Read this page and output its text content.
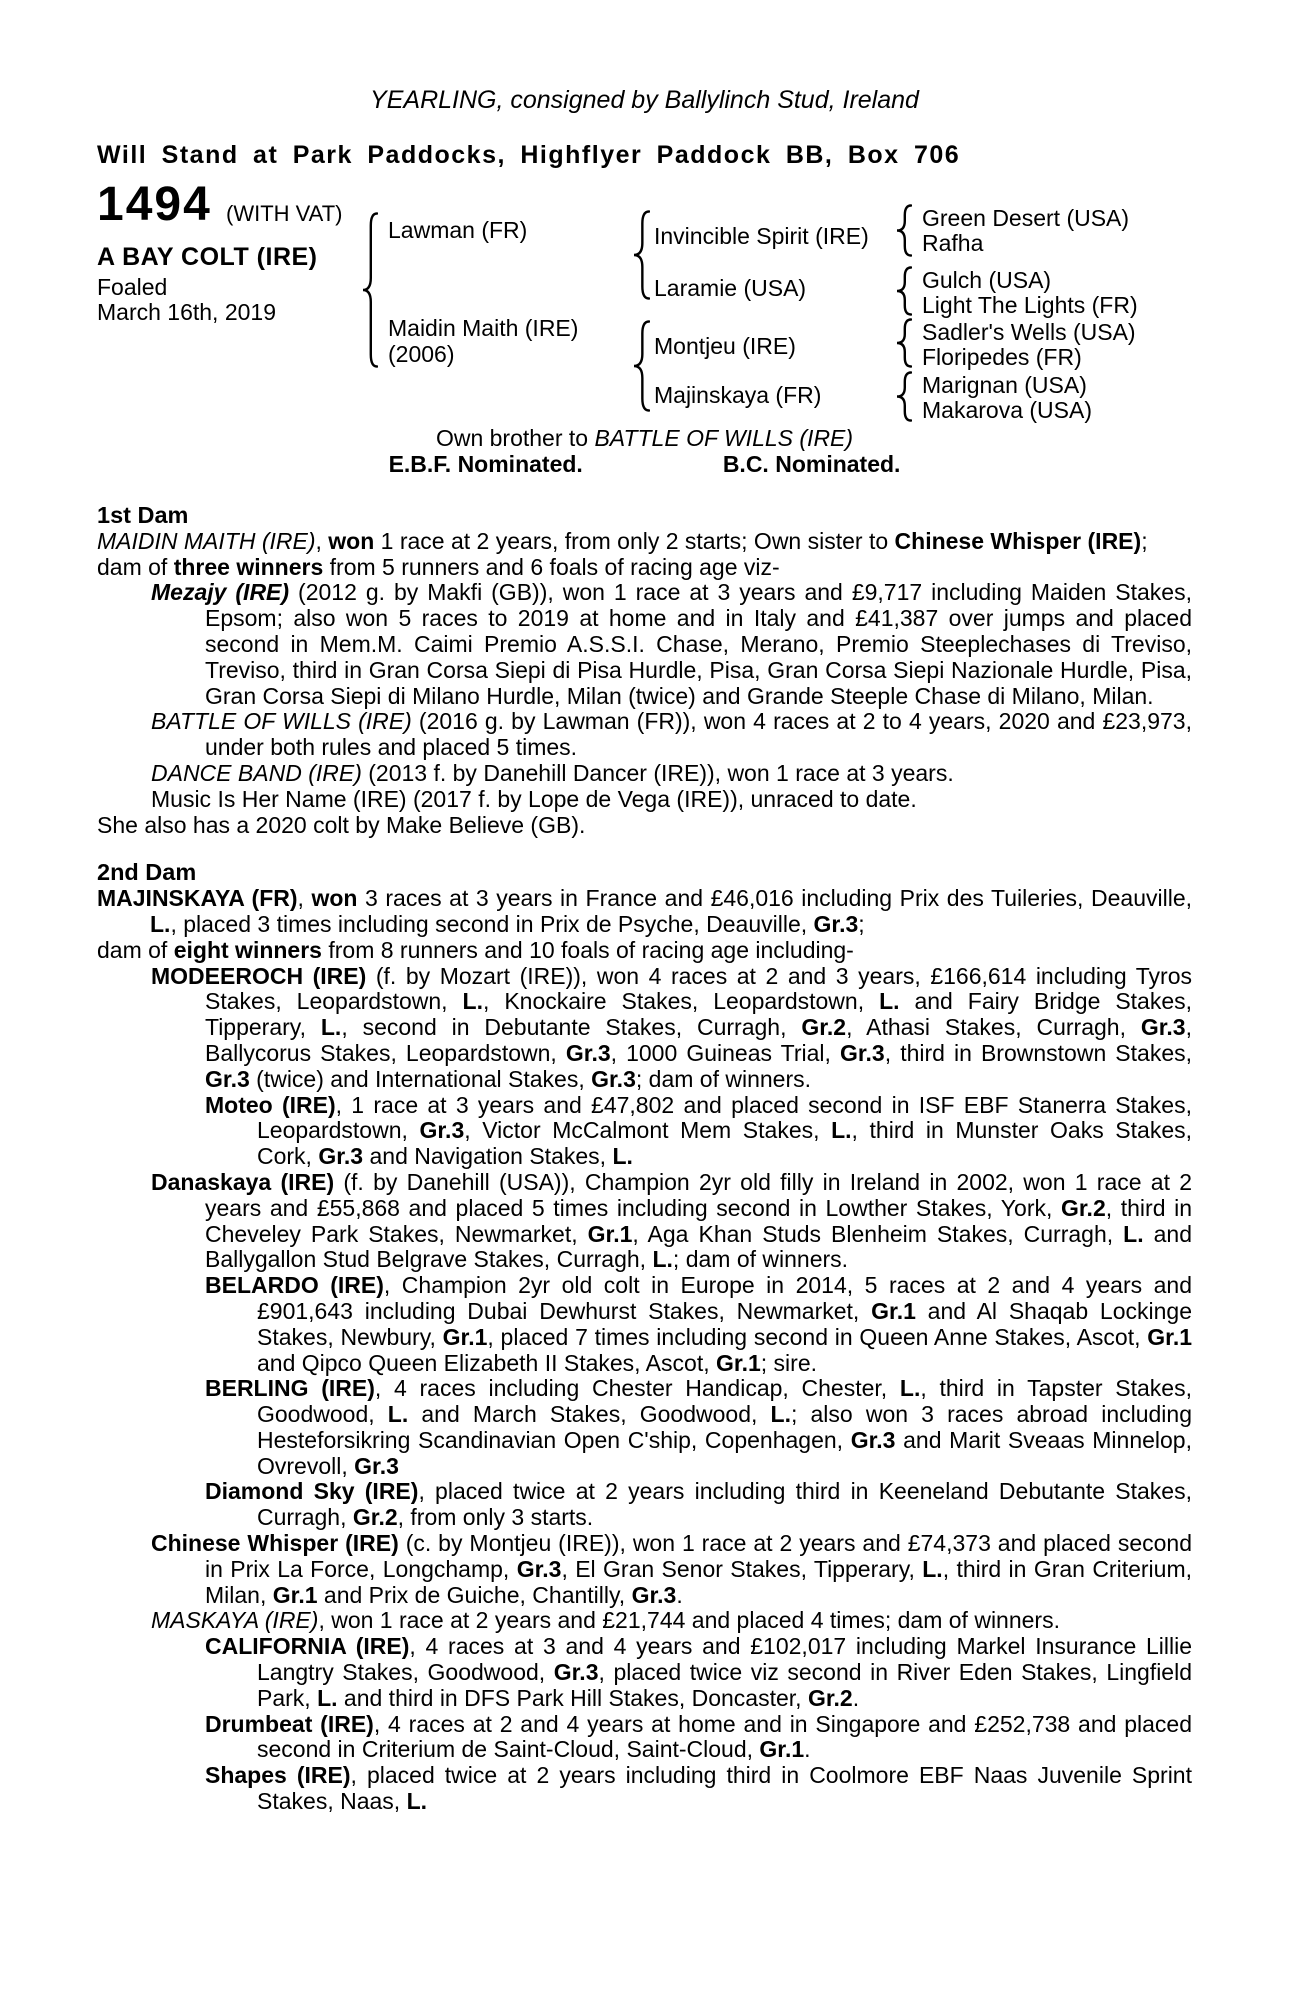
YEARLING, consigned by Ballylinch Stud, Ireland
Will Stand at Park Paddocks, Highflyer Paddock BB, Box 706
1494 (WITH VAT)
A BAY COLT (IRE)
Foaled
March 16th, 2019
Lawman (FR)
Maidin Maith (IRE)
(2006)
Invincible Spirit (IRE)
Laramie (USA)
Montjeu (IRE)
Majinskaya (FR)
Green Desert (USA)
Rafha
Gulch (USA)
Light The Lights (FR)
Sadler's Wells (USA)
Floripedes (FR)
Marignan (USA)
Makarova (USA)
Own brother to BATTLE OF WILLS (IRE)
E.B.F. Nominated.	B.C. Nominated.
1st Dam

MAIDIN MAITH (IRE), won 1 race at 2 years, from only 2 starts; Own sister to Chinese Whisper (IRE);

dam of three winners from 5 runners and 6 foals of racing age viz-

Mezajy (IRE) (2012 g. by Makfi (GB)), won 1 race at 3 years and £9,717 including Maiden Stakes, Epsom; also won 5 races to 2019 at home and in Italy and £41,387 over jumps and placed second in Mem.M. Caimi Premio A.S.S.I. Chase, Merano, Premio Steeplechases di Treviso, Treviso, third in Gran Corsa Siepi di Pisa Hurdle, Pisa, Gran Corsa Siepi Nazionale Hurdle, Pisa, Gran Corsa Siepi di Milano Hurdle, Milan (twice) and Grande Steeple Chase di Milano, Milan.

BATTLE OF WILLS (IRE) (2016 g. by Lawman (FR)), won 4 races at 2 to 4 years, 2020 and £23,973, under both rules and placed 5 times.

DANCE BAND (IRE) (2013 f. by Danehill Dancer (IRE)), won 1 race at 3 years.

Music Is Her Name (IRE) (2017 f. by Lope de Vega (IRE)), unraced to date.

She also has a 2020 colt by Make Believe (GB).

2nd Dam

MAJINSKAYA (FR), won 3 races at 3 years in France and £46,016 including Prix des Tuileries, Deauville, L., placed 3 times including second in Prix de Psyche, Deauville, Gr.3;

dam of eight winners from 8 runners and 10 foals of racing age including-

MODEEROCH (IRE) (f. by Mozart (IRE)), won 4 races at 2 and 3 years, £166,614 including Tyros Stakes, Leopardstown, L., Knockaire Stakes, Leopardstown, L. and Fairy Bridge Stakes, Tipperary, L., second in Debutante Stakes, Curragh, Gr.2, Athasi Stakes, Curragh, Gr.3, Ballycorus Stakes, Leopardstown, Gr.3, 1000 Guineas Trial, Gr.3, third in Brownstown Stakes, Gr.3 (twice) and International Stakes, Gr.3; dam of winners.

Moteo (IRE), 1 race at 3 years and £47,802 and placed second in ISF EBF Stanerra Stakes, Leopardstown, Gr.3, Victor McCalmont Mem Stakes, L., third in Munster Oaks Stakes, Cork, Gr.3 and Navigation Stakes, L.

Danaskaya (IRE) (f. by Danehill (USA)), Champion 2yr old filly in Ireland in 2002, won 1 race at 2 years and £55,868 and placed 5 times including second in Lowther Stakes, York, Gr.2, third in Cheveley Park Stakes, Newmarket, Gr.1, Aga Khan Studs Blenheim Stakes, Curragh, L. and Ballygallon Stud Belgrave Stakes, Curragh, L.; dam of winners.

BELARDO (IRE), Champion 2yr old colt in Europe in 2014, 5 races at 2 and 4 years and £901,643 including Dubai Dewhurst Stakes, Newmarket, Gr.1 and Al Shaqab Lockinge Stakes, Newbury, Gr.1, placed 7 times including second in Queen Anne Stakes, Ascot, Gr.1 and Qipco Queen Elizabeth II Stakes, Ascot, Gr.1; sire.

BERLING (IRE), 4 races including Chester Handicap, Chester, L., third in Tapster Stakes, Goodwood, L. and March Stakes, Goodwood, L.; also won 3 races abroad including Hesteforsikring Scandinavian Open C'ship, Copenhagen, Gr.3 and Marit Sveaas Minnelop, Ovrevoll, Gr.3

Diamond Sky (IRE), placed twice at 2 years including third in Keeneland Debutante Stakes, Curragh, Gr.2, from only 3 starts.

Chinese Whisper (IRE) (c. by Montjeu (IRE)), won 1 race at 2 years and £74,373 and placed second in Prix La Force, Longchamp, Gr.3, El Gran Senor Stakes, Tipperary, L., third in Gran Criterium, Milan, Gr.1 and Prix de Guiche, Chantilly, Gr.3.

MASKAYA (IRE), won 1 race at 2 years and £21,744 and placed 4 times; dam of winners.

CALIFORNIA (IRE), 4 races at 3 and 4 years and £102,017 including Markel Insurance Lillie Langtry Stakes, Goodwood, Gr.3, placed twice viz second in River Eden Stakes, Lingfield Park, L. and third in DFS Park Hill Stakes, Doncaster, Gr.2.

Drumbeat (IRE), 4 races at 2 and 4 years at home and in Singapore and £252,738 and placed second in Criterium de Saint-Cloud, Saint-Cloud, Gr.1.

Shapes (IRE), placed twice at 2 years including third in Coolmore EBF Naas Juvenile Sprint Stakes, Naas, L.
